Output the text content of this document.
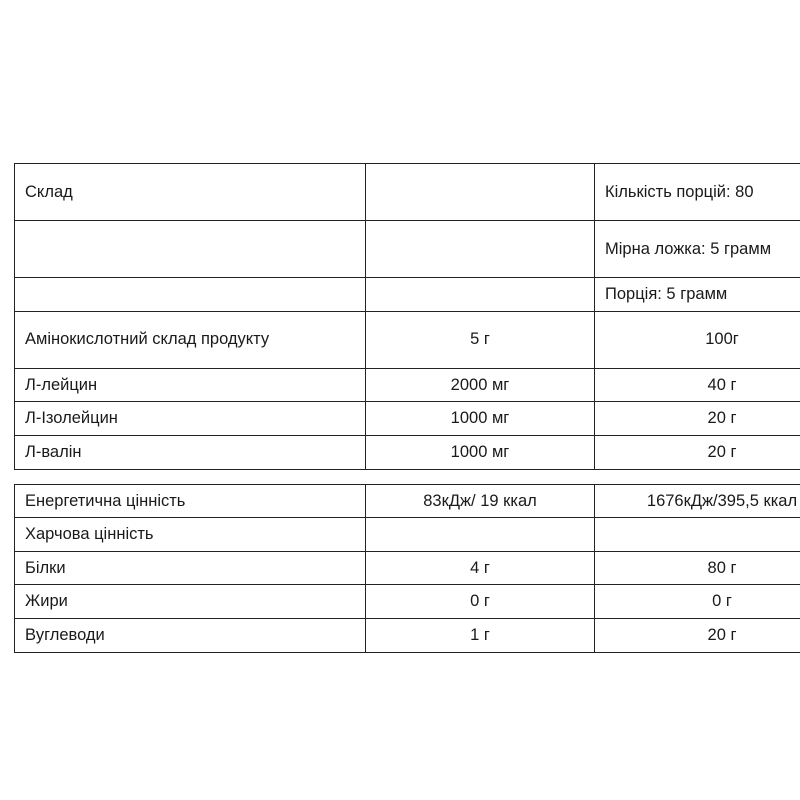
Склад		Кількість порцій: 80
		Мірна ложка: 5 грамм
		Порція: 5 грамм
Амінокислотний склад продукту	5 г	100г
Л-лейцин	2000 мг	40 г
Л-Ізолейцин	1000 мг	20 г
Л-валін	1000 мг	20 г

Енергетична цінність	83кДж/ 19 ккал	1676кДж/395,5 ккал
Харчова цінність		
Білки	4 г	80 г
Жири	0 г	0 г
Вуглеводи	1 г	20 г
